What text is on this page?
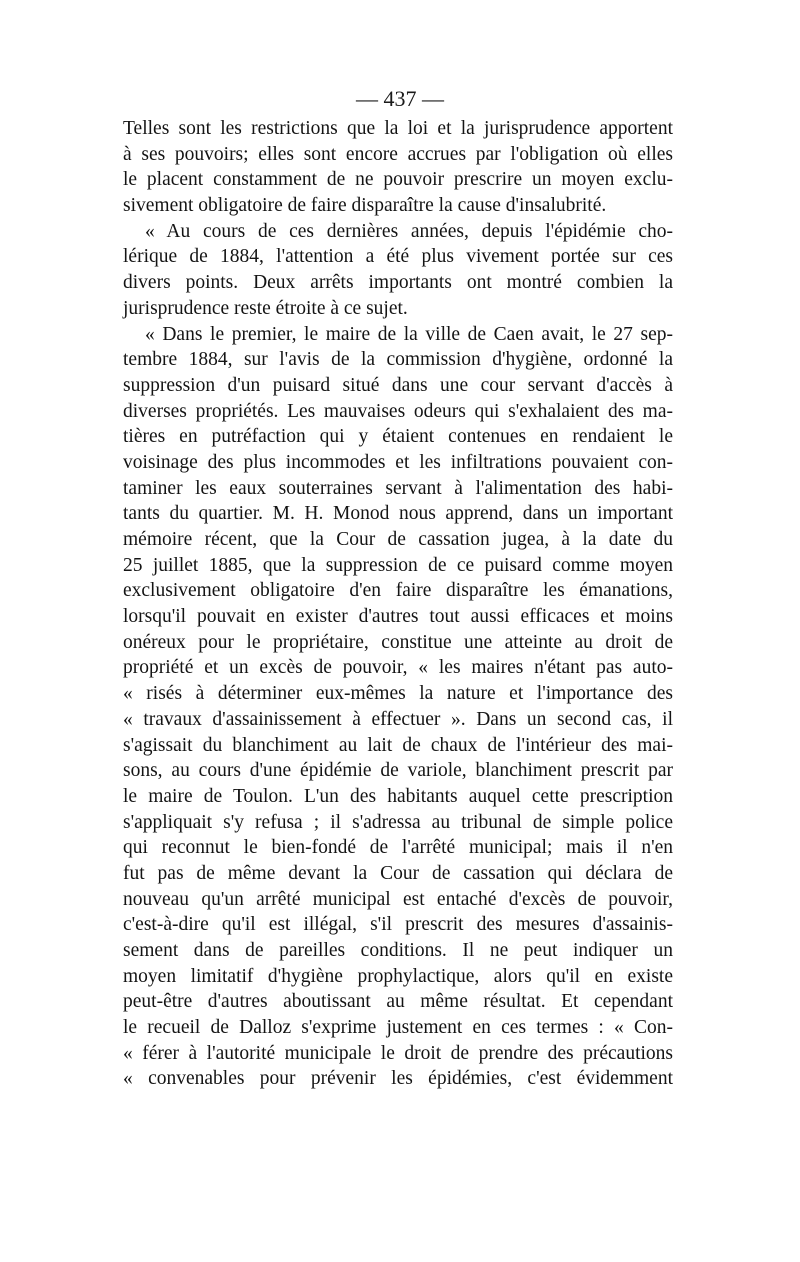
— 437 —
Telles sont les restrictions que la loi et la jurisprudence apportent
à ses pouvoirs; elles sont encore accrues par l'obligation où elles
le placent constamment de ne pouvoir prescrire un moyen exclu-
sivement obligatoire de faire disparaître la cause d'insalubrité.
« Au cours de ces dernières années, depuis l'épidémie cho-
lérique de 1884, l'attention a été plus vivement portée sur ces
divers points. Deux arrêts importants ont montré combien la
jurisprudence reste étroite à ce sujet.
« Dans le premier, le maire de la ville de Caen avait, le 27 sep-
tembre 1884, sur l'avis de la commission d'hygiène, ordonné la
suppression d'un puisard situé dans une cour servant d'accès à
diverses propriétés. Les mauvaises odeurs qui s'exhalaient des ma-
tières en putréfaction qui y étaient contenues en rendaient le
voisinage des plus incommodes et les infiltrations pouvaient con-
taminer les eaux souterraines servant à l'alimentation des habi-
tants du quartier. M. H. Monod nous apprend, dans un important
mémoire récent, que la Cour de cassation jugea, à la date du
25 juillet 1885, que la suppression de ce puisard comme moyen
exclusivement obligatoire d'en faire disparaître les émanations,
lorsqu'il pouvait en exister d'autres tout aussi efficaces et moins
onéreux pour le propriétaire, constitue une atteinte au droit de
propriété et un excès de pouvoir, « les maires n'étant pas auto-
« risés à déterminer eux-mêmes la nature et l'importance des
« travaux d'assainissement à effectuer ». Dans un second cas, il
s'agissait du blanchiment au lait de chaux de l'intérieur des mai-
sons, au cours d'une épidémie de variole, blanchiment prescrit par
le maire de Toulon. L'un des habitants auquel cette prescription
s'appliquait s'y refusa ; il s'adressa au tribunal de simple police
qui reconnut le bien-fondé de l'arrêté municipal; mais il n'en
fut pas de même devant la Cour de cassation qui déclara de
nouveau qu'un arrêté municipal est entaché d'excès de pouvoir,
c'est-à-dire qu'il est illégal, s'il prescrit des mesures d'assainis-
sement dans de pareilles conditions. Il ne peut indiquer un
moyen limitatif d'hygiène prophylactique, alors qu'il en existe
peut-être d'autres aboutissant au même résultat. Et cependant
le recueil de Dalloz s'exprime justement en ces termes : « Con-
« férer à l'autorité municipale le droit de prendre des précautions
« convenables pour prévenir les épidémies, c'est évidemment
